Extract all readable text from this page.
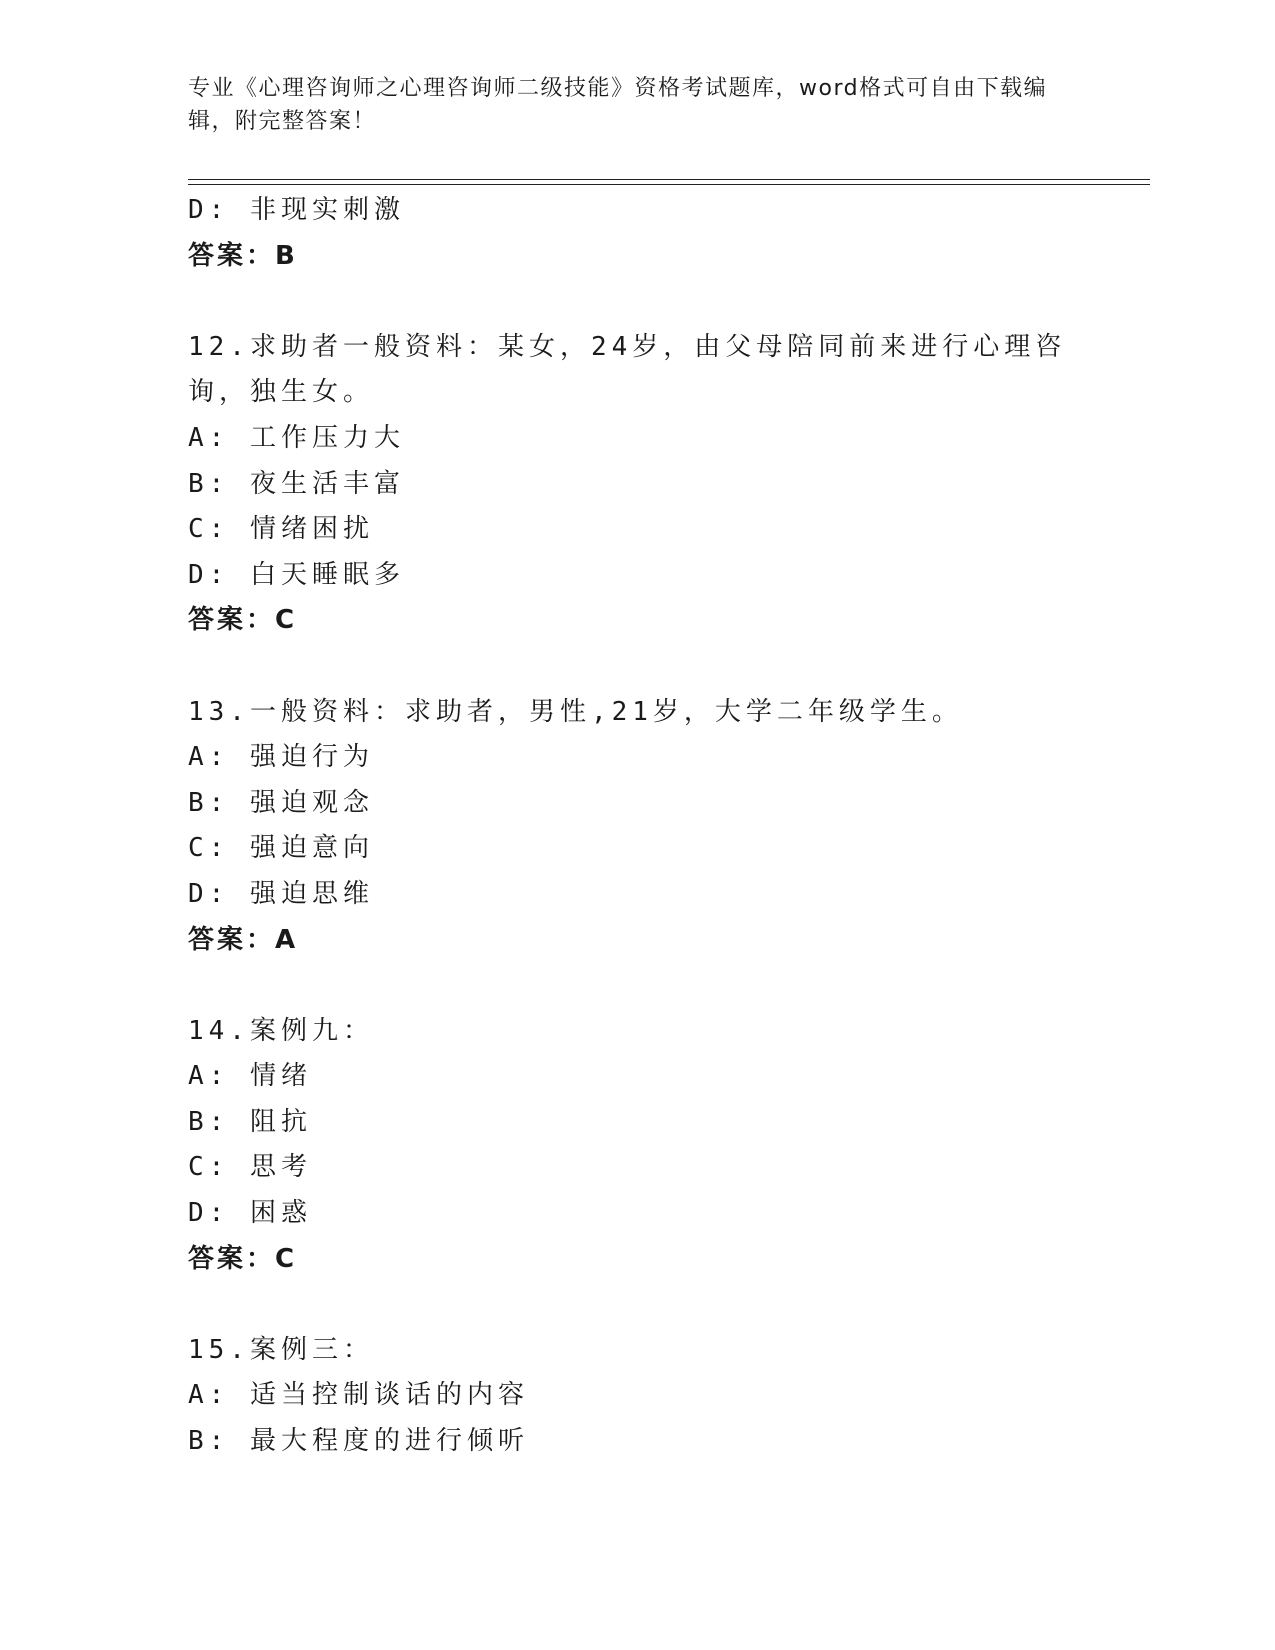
专业《心理咨询师之心理咨询师二级技能》资格考试题库，word格式可自由下载编辑，附完整答案！
D: 非现实刺激
答案：B
12.求助者一般资料：某女，24岁，由父母陪同前来进行心理咨询，独生女。
A: 工作压力大
B: 夜生活丰富
C: 情绪困扰
D: 白天睡眠多
答案：C
13.一般资料：求助者，男性,21岁，大学二年级学生。
A: 强迫行为
B: 强迫观念
C: 强迫意向
D: 强迫思维
答案：A
14.案例九：
A: 情绪
B: 阻抗
C: 思考
D: 困惑
答案：C
15.案例三：
A: 适当控制谈话的内容
B: 最大程度的进行倾听
